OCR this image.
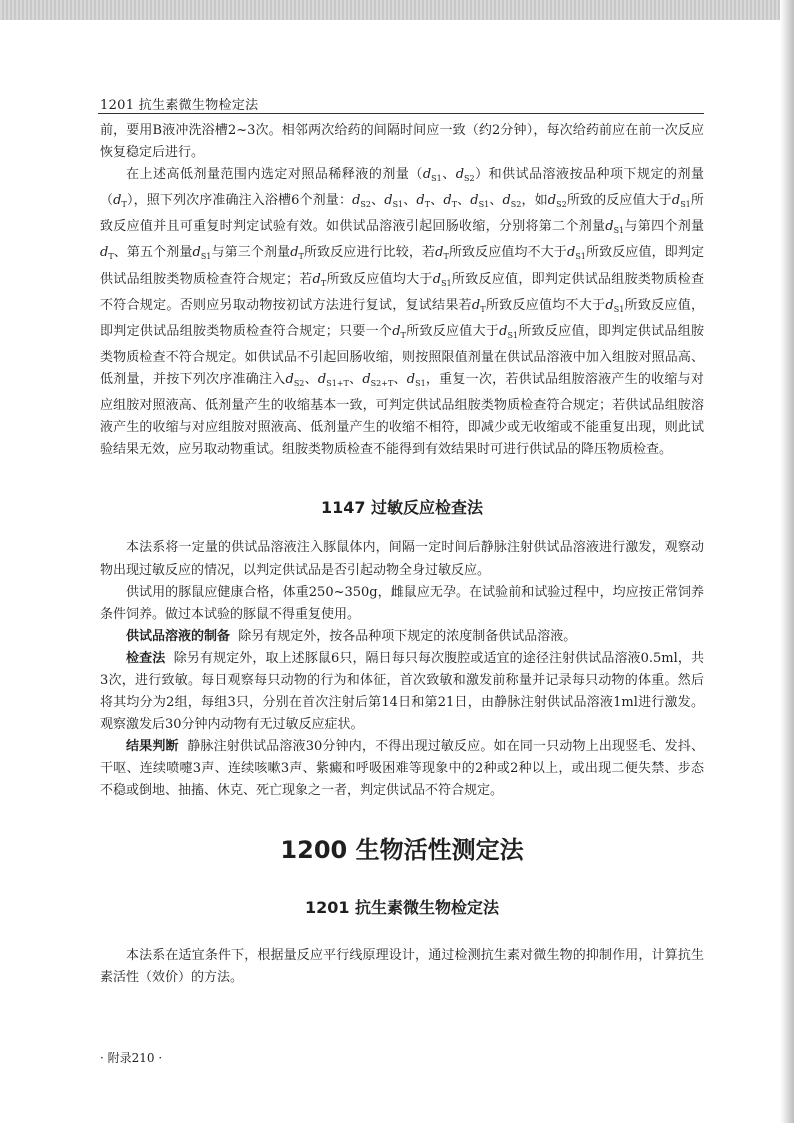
1201 抗生素微生物检定法

前，要用B液冲洗浴槽2~3次。相邻两次给药的间隔时间应一致（约2分钟），每次给药前应在前一次反应恢复稳定后进行。

在上述高低剂量范围内选定对照品稀释液的剂量（$d_{S1}$、$d_{S2}$）和供试品溶液按品种项下规定的剂量$(d_T)$，照下列次序准确注入浴槽6个剂量：$d_{S2}$、$d_{S1}$、$d_T$、$d_T$、$d_{S1}$、$d_{S2}$，如$d_{S2}$所致的反应值大于$d_{S1}$所致反应值并且可重复时判定试验有效。如供试品溶液引起回肠收缩，分别将第二个剂量$d_{S1}$与第四个剂量$d_T$、第五个剂量$d_{S1}$与第三个剂量$d_T$所致反应进行比较，若$d_T$所致反应值均不大于$d_{S1}$所致反应值，即判定供试品组胺类物质检查符合规定；若$d_T$所致反应值均大于$d_{S1}$所致反应值，即判定供试品组胺类物质检查不符合规定。否则应另取动物按初试方法进行复试，复试结果若$d_T$所致反应值均不大于$d_{S1}$所致反应值，即判定供试品组胺类物质检查符合规定；只要一个$d_T$所致反应值大于$d_{S1}$所致反应值，即判定供试品组胺类物质检查不符合规定。如供试品不引起回肠收缩，则按照限值剂量在供试品溶液中加入组胺对照品高、低剂量，并按下列次序准确注入$d_{S2}$、$d_{S1+T}$、$d_{S2+T}$、$d_{S1}$，重复一次，若供试品组胺溶液产生的收缩与对应组胺对照液高、低剂量产生的收缩基本一致，可判定供试品组胺类物质检查符合规定；若供试品组胺溶液产生的收缩与对应组胺对照液高、低剂量产生的收缩不相符，即减少或无收缩或不能重复出现，则此试验结果无效，应另取动物重试。组胺类物质检查不能得到有效结果时可进行供试品的降压物质检查。

1147 过敏反应检查法

本法系将一定量的供试品溶液注入豚鼠体内，间隔一定时间后静脉注射供试品溶液进行激发，观察动物出现过敏反应的情况，以判定供试品是否引起动物全身过敏反应。

供试用的豚鼠应健康合格，体重250~350g，雌鼠应无孕。在试验前和试验过程中，均应按正常饲养条件饲养。做过本试验的豚鼠不得重复使用。

供试品溶液的制备 除另有规定外，按各品种项下规定的浓度制备供试品溶液。

检查法 除另有规定外，取上述豚鼠6只，隔日每只每次腹腔或适宜的途径注射供试品溶液0.5ml，共3次，进行致敏。每日观察每只动物的行为和体征，首次致敏和激发前称量并记录每只动物的体重。然后将其均分为2组，每组3只，分别在首次注射后第14日和第21日，由静脉注射供试品溶液1ml进行激发。观察激发后30分钟内动物有无过敏反应症状。

结果判断 静脉注射供试品溶液30分钟内，不得出现过敏反应。如在同一只动物上出现竖毛、发抖、干呕、连续喷嚏3声、连续咳嗽3声、紫癜和呼吸困难等现象中的2种或2种以上，或出现二便失禁、步态不稳或倒地、抽搐、休克、死亡现象之一者，判定供试品不符合规定。

1200 生物活性测定法
1201 抗生素微生物检定法

本法系在适宜条件下，根据量反应平行线原理设计，通过检测抗生素对微生物的抑制作用，计算抗生素活性（效价）的方法。

· 附录210 ·
